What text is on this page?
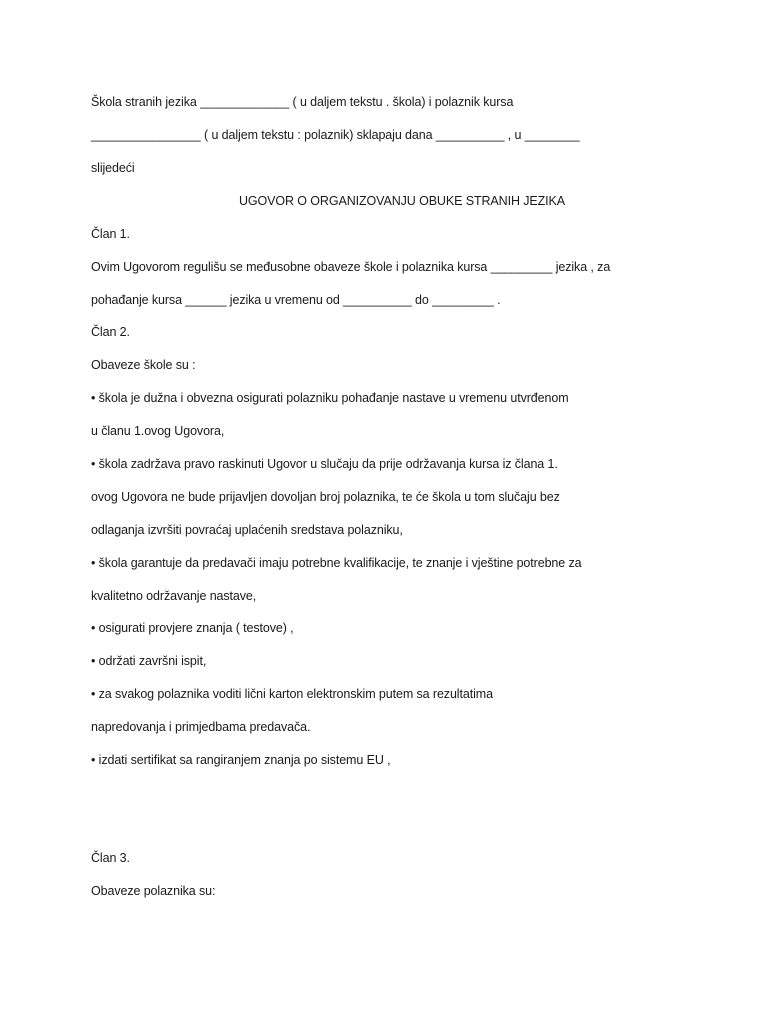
Škola stranih jezika _____________ ( u daljem tekstu . škola) i polaznik kursa
________________ ( u daljem tekstu : polaznik) sklapaju dana __________ , u ________
slijedeći
UGOVOR O ORGANIZOVANJU OBUKE STRANIH JEZIKA
Član 1.
Ovim Ugovorom regulišu se međusobne obaveze škole i polaznika kursa _________ jezika , za
pohađanje kursa ______ jezika u vremenu od __________ do _________ .
Član 2.
Obaveze škole su :
• škola je dužna i obvezna osigurati polazniku pohađanje nastave u vremenu utvrđenom
u članu 1.ovog Ugovora,
• škola zadržava pravo raskinuti Ugovor u slučaju da prije održavanja kursa iz člana 1.
ovog Ugovora ne bude prijavljen dovoljan broj polaznika, te će škola u tom slučaju bez
odlaganja izvršiti povraćaj uplaćenih sredstava polazniku,
• škola garantuje da predavači imaju potrebne kvalifikacije, te znanje i vještine potrebne za
kvalitetno održavanje nastave,
• osigurati provjere znanja ( testove) ,
• održati završni ispit,
• za svakog polaznika voditi lični karton elektronskim putem sa rezultatima
napredovanja i primjedbama predavača.
• izdati sertifikat sa rangiranjem znanja po sistemu EU ,
Član 3.
Obaveze polaznika su:
